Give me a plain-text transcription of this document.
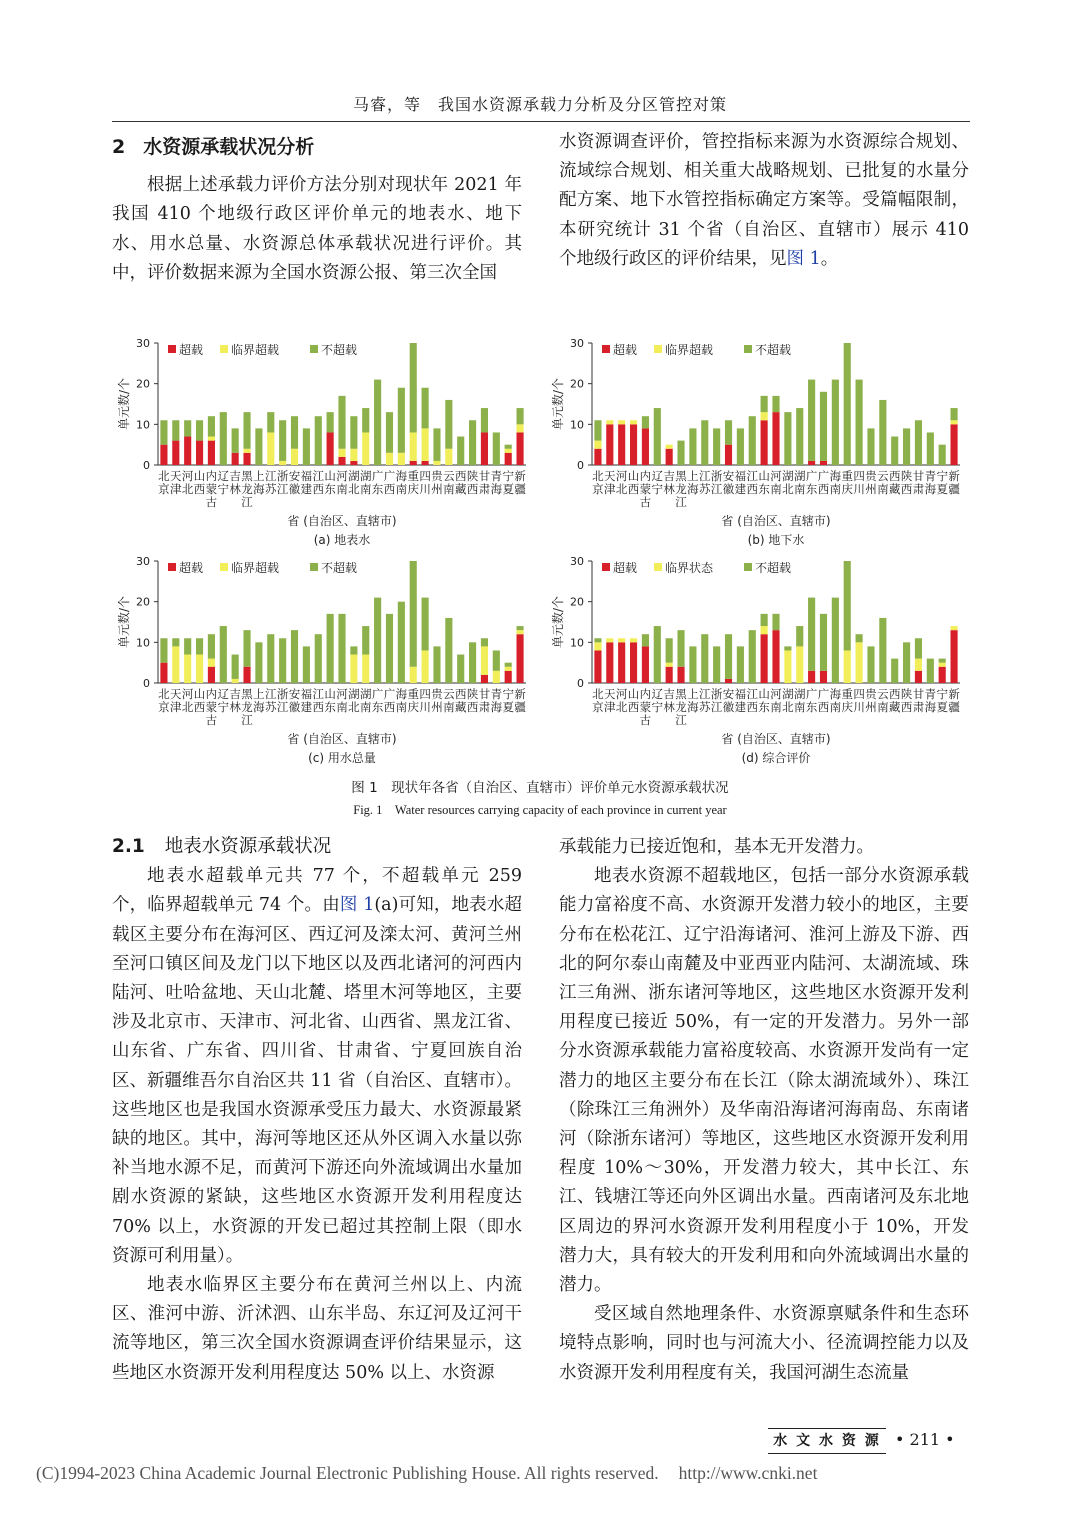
马睿，等　我国水资源承载力分析及分区管控对策

2 水资源承载状况分析

根据上述承载力评价方法分别对现状年 2021 年我国 410 个地级行政区评价单元的地表水、地下水、用水总量、水资源总体承载状况进行评价。其中，评价数据来源为全国水资源公报、第三次全国

水资源调查评价，管控指标来源为水资源综合规划、流域综合规划、相关重大战略规划、已批复的水量分配方案、地下水管控指标确定方案等。受篇幅限制，本研究统计 31 个省（自治区、直辖市）展示 410 个地级行政区的评价结果，见图 1。

0
10
20
30
单元数/个
北
京
天
津
河
北
山
西
内
蒙
古
辽
宁
吉
林
黑
龙
江
上
海
江
苏
浙
江
安
徽
福
建
江
西
山
东
河
南
湖
北
湖
南
广
东
广
西
海
南
重
庆
四
川
贵
州
云
南
西
藏
陕
西
甘
肃
青
海
宁
夏
新
疆
超载 临界超载	不超载
省 (自治区、直辖市)
(a) 地表水
0
10
20
30
单元数/个
北
京
天
津
河
北
山
西
内
蒙
古
辽
宁
吉
林
黑
龙
江
上
海
江
苏
浙
江
安
徽
福
建
江
西
山
东
河
南
湖
北
湖
南
广
东
广
西
海
南
重
庆
四
川
贵
州
云
南
西
藏
陕
西
甘
肃
青
海
宁
夏
新
疆
超载 临界超载	不超载
省 (自治区、直辖市)
(b) 地下水
0
10
20
30
单元数/个
北
京
天
津
河
北
山
西
内
蒙
古
辽
宁
吉
林
黑
龙
江
上
海
江
苏
浙
江
安
徽
福
建
江
西
山
东
河
南
湖
北
湖
南
广
东
广
西
海
南
重
庆
四
川
贵
州
云
南
西
藏
陕
西
甘
肃
青
海
宁
夏
新
疆
超载 临界超载	不超载
省 (自治区、直辖市)
(c) 用水总量
0
10
20
30
单元数/个
北
京
天
津
河
北
山
西
内
蒙
古
辽
宁
吉
林
黑
龙
江
上
海
江
苏
浙
江
安
徽
福
建
江
西
山
东
河
南
湖
北
湖
南
广
东
广
西
海
南
重
庆
四
川
贵
州
云
南
西
藏
陕
西
甘
肃
青
海
宁
夏
新
疆
超载 临界状态	不超载
省 (自治区、直辖市)
(d) 综合评价
图 1　现状年各省（自治区、直辖市）评价单元水资源承载状况
Fig. 1　Water resources carrying capacity of each province in current year

2.1 地表水资源承载状况

地表水超载单元共 77 个，不超载单元 259 个，临界超载单元 74 个。由图 1(a)可知，地表水超载区主要分布在海河区、西辽河及滦太河、黄河兰州至河口镇区间及龙门以下地区以及西北诸河的河西内陆河、吐哈盆地、天山北麓、塔里木河等地区，主要涉及北京市、天津市、河北省、山西省、黑龙江省、山东省、广东省、四川省、甘肃省、宁夏回族自治区、新疆维吾尔自治区共 11 省（自治区、直辖市）。这些地区也是我国水资源承受压力最大、水资源最紧缺的地区。其中，海河等地区还从外区调入水量以弥补当地水源不足，而黄河下游还向外流域调出水量加剧水资源的紧缺，这些地区水资源开发利用程度达 70% 以上，水资源的开发已超过其控制上限（即水资源可利用量）。

地表水临界区主要分布在黄河兰州以上、内流区、淮河中游、沂沭泗、山东半岛、东辽河及辽河干流等地区，第三次全国水资源调查评价结果显示，这些地区水资源开发利用程度达 50% 以上、水资源

承载能力已接近饱和，基本无开发潜力。

地表水资源不超载地区，包括一部分水资源承载能力富裕度不高、水资源开发潜力较小的地区，主要分布在松花江、辽宁沿海诸河、淮河上游及下游、西北的阿尔泰山南麓及中亚西亚内陆河、太湖流域、珠江三角洲、浙东诸河等地区，这些地区水资源开发利用程度已接近 50%，有一定的开发潜力。另外一部分水资源承载能力富裕度较高、水资源开发尚有一定潜力的地区主要分布在长江（除太湖流域外）、珠江（除珠江三角洲外）及华南沿海诸河海南岛、东南诸河（除浙东诸河）等地区，这些地区水资源开发利用程度 10%～30%，开发潜力较大，其中长江、东江、钱塘江等还向外区调出水量。西南诸河及东北地区周边的界河水资源开发利用程度小于 10%，开发潜力大，具有较大的开发利用和向外流域调出水量的潜力。

受区域自然地理条件、水资源禀赋条件和生态环境特点影响，同时也与河流大小、径流调控能力以及水资源开发利用程度有关，我国河湖生态流量

水 文 水 资 源 • 211 •
(C)1994-2023 China Academic Journal Electronic Publishing House. All rights reserved. http://www.cnki.net
